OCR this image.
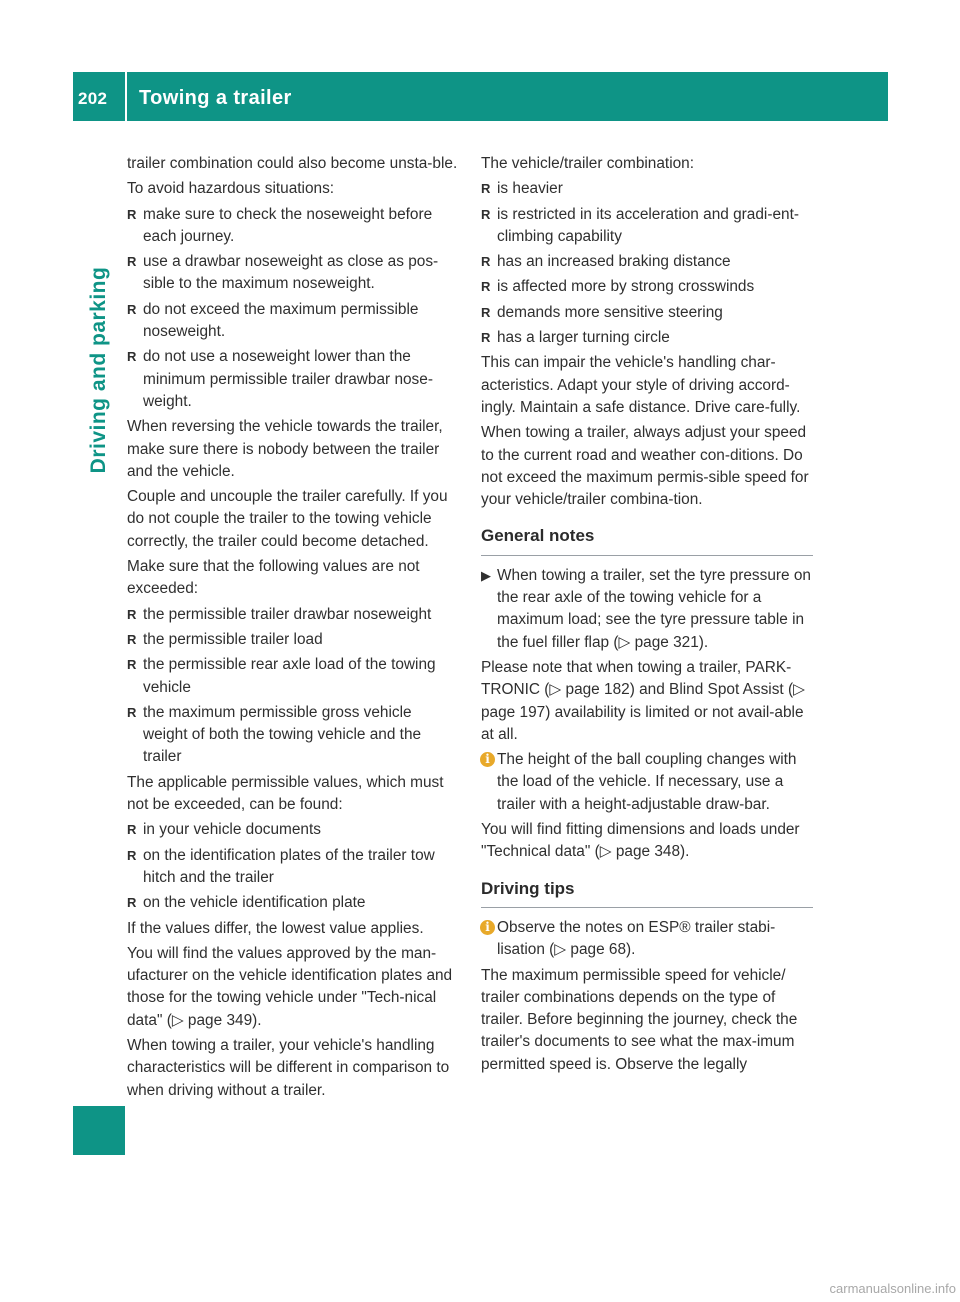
202	Towing a trailer
Driving and parking
trailer combination could also become unsta-ble.
To avoid hazardous situations:
R make sure to check the noseweight before each journey.
R use a drawbar noseweight as close as pos-sible to the maximum noseweight.
R do not exceed the maximum permissible noseweight.
R do not use a noseweight lower than the minimum permissible trailer drawbar nose-weight.
When reversing the vehicle towards the trailer, make sure there is nobody between the trailer and the vehicle.
Couple and uncouple the trailer carefully. If you do not couple the trailer to the towing vehicle correctly, the trailer could become detached.
Make sure that the following values are not exceeded:
R the permissible trailer drawbar noseweight
R the permissible trailer load
R the permissible rear axle load of the towing vehicle
R the maximum permissible gross vehicle weight of both the towing vehicle and the trailer
The applicable permissible values, which must not be exceeded, can be found:
R in your vehicle documents
R on the identification plates of the trailer tow hitch and the trailer
R on the vehicle identification plate
If the values differ, the lowest value applies.
You will find the values approved by the man-ufacturer on the vehicle identification plates and those for the towing vehicle under "Tech-nical data" (▷ page 349).
When towing a trailer, your vehicle's handling characteristics will be different in comparison to when driving without a trailer.
The vehicle/trailer combination:
R is heavier
R is restricted in its acceleration and gradi-ent-climbing capability
R has an increased braking distance
R is affected more by strong crosswinds
R demands more sensitive steering
R has a larger turning circle
This can impair the vehicle's handling char-acteristics. Adapt your style of driving accord-ingly. Maintain a safe distance. Drive care-fully.
When towing a trailer, always adjust your speed to the current road and weather con-ditions. Do not exceed the maximum permis-sible speed for your vehicle/trailer combina-tion.
General notes
▶ When towing a trailer, set the tyre pressure on the rear axle of the towing vehicle for a maximum load; see the tyre pressure table in the fuel filler flap (▷ page 321).
Please note that when towing a trailer, PARK-TRONIC (▷ page 182) and Blind Spot Assist (▷ page 197) availability is limited or not avail-able at all.
i The height of the ball coupling changes with the load of the vehicle. If necessary, use a trailer with a height-adjustable draw-bar.
You will find fitting dimensions and loads under "Technical data" (▷ page 348).
Driving tips
i Observe the notes on ESP® trailer stabi-lisation (▷ page 68).
The maximum permissible speed for vehicle/ trailer combinations depends on the type of trailer. Before beginning the journey, check the trailer's documents to see what the max-imum permitted speed is. Observe the legally
carmanualsonline.info
